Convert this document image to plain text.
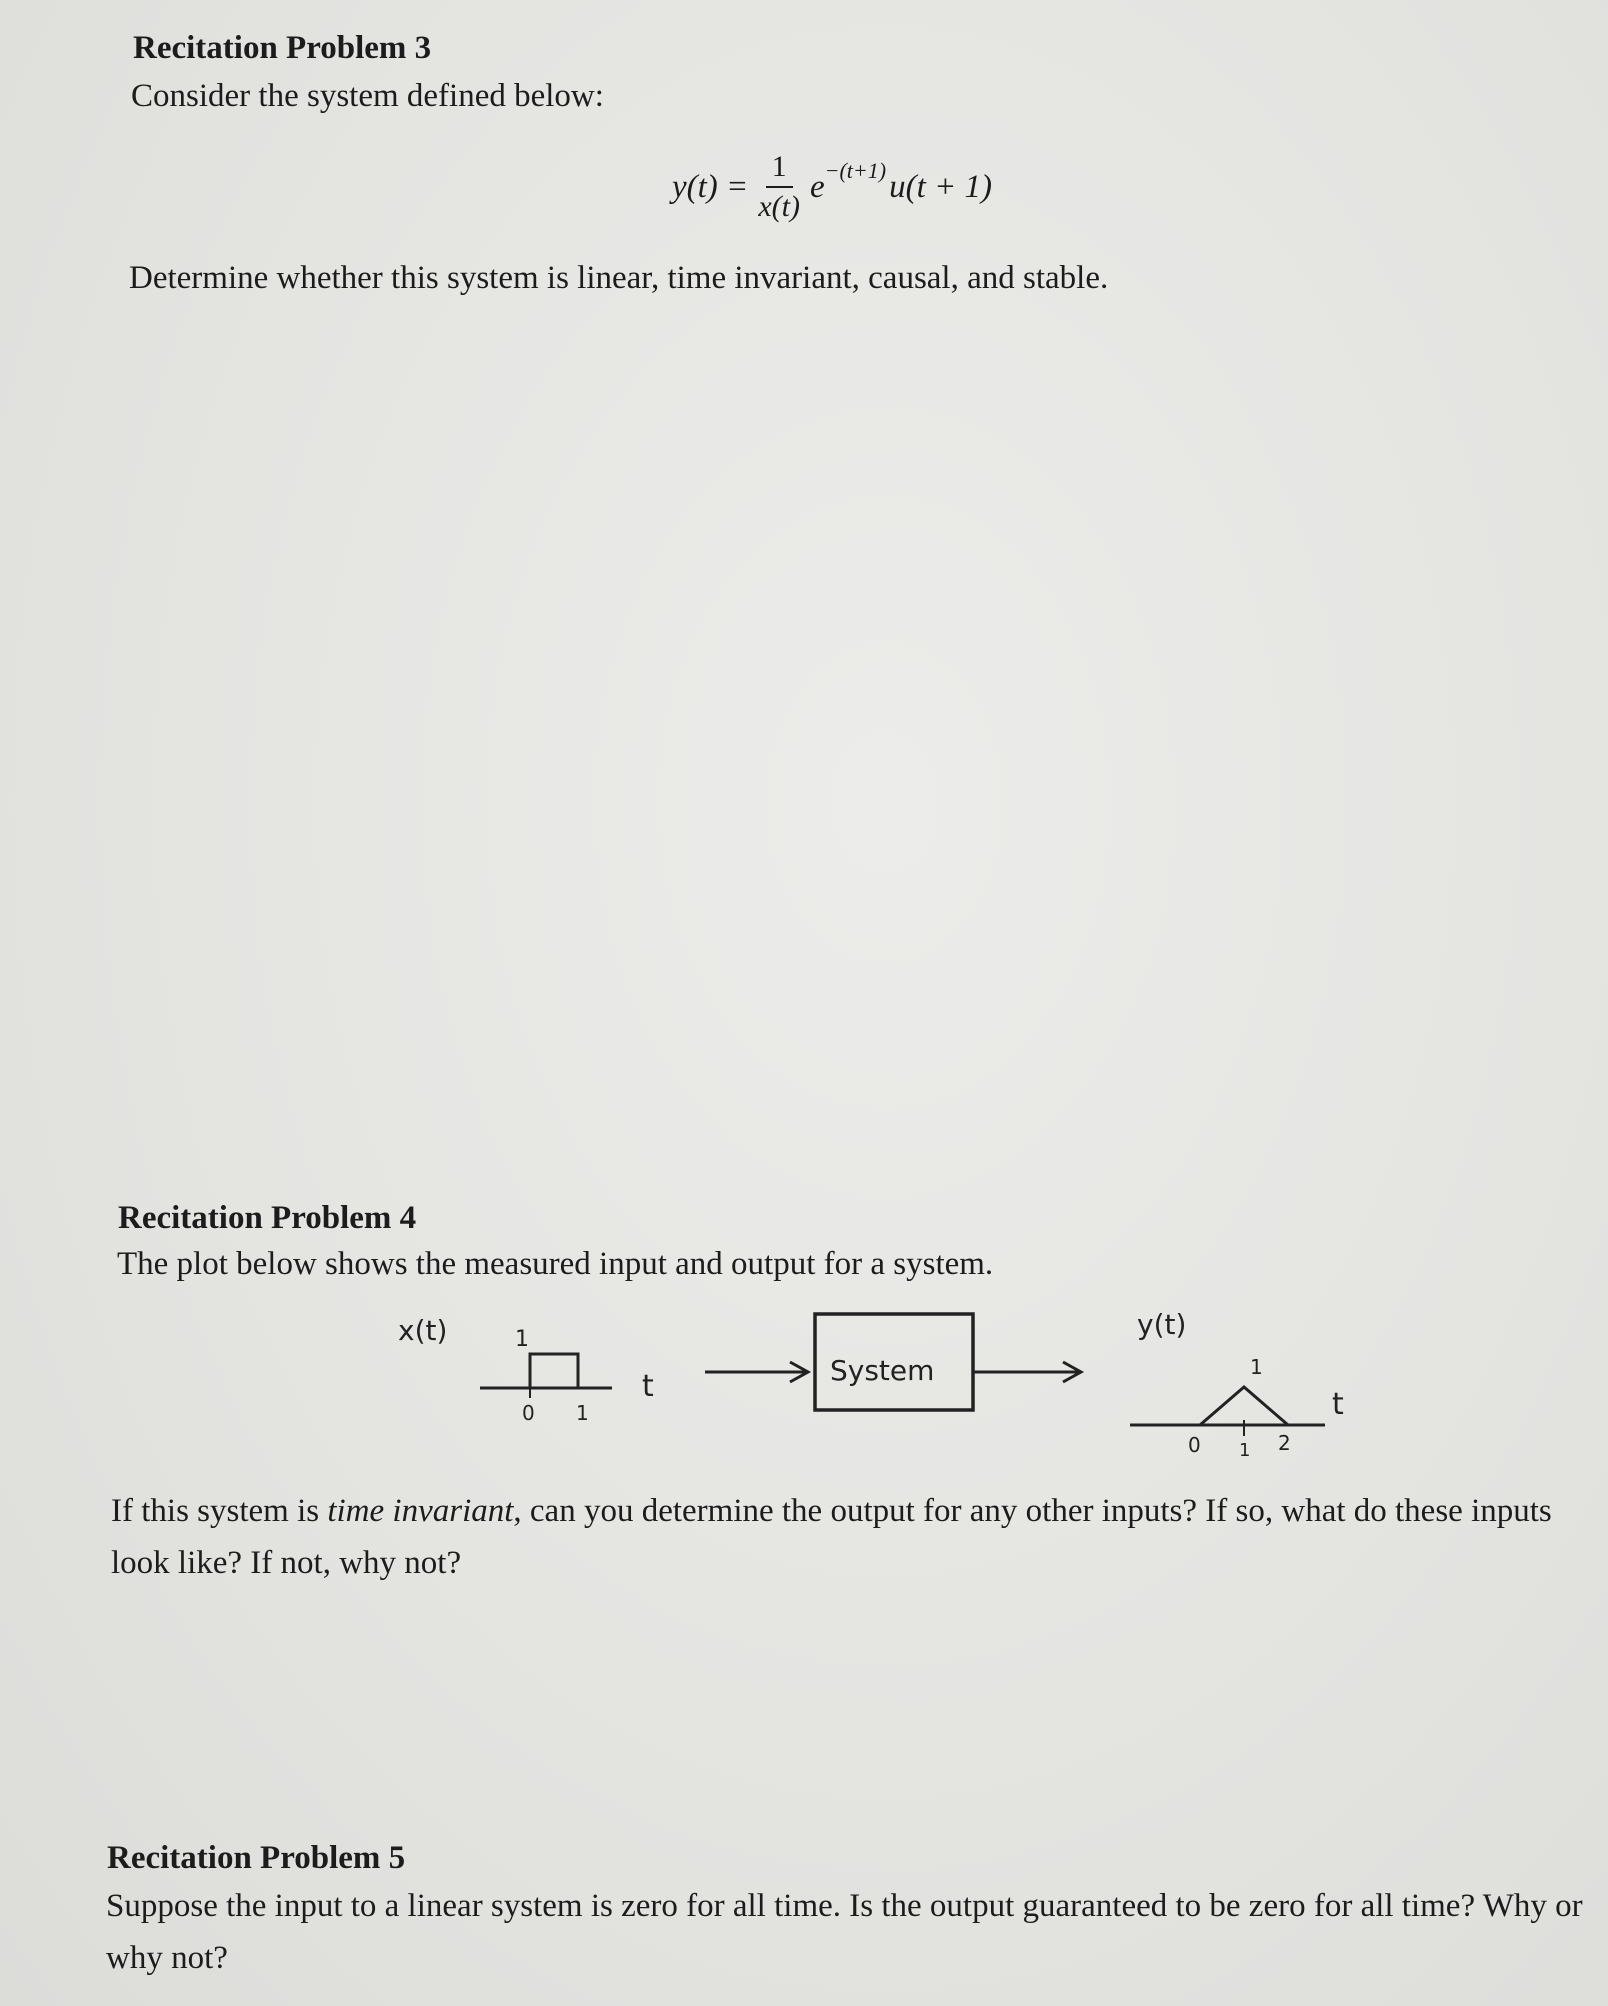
Recitation Problem 3

Consider the system defined below:

$y(t) = \frac{1}{x(t)}$ e −(t+1) u(t + 1)

Determine whether this system is linear, time invariant, causal, and stable.

Recitation Problem 4

The plot below shows the measured input and output for a system.

x(t)	1
0 1
t	System
y(t)
1
0 1 2
t

If this system is time invariant, can you determine the output for any other inputs? If so, what do these inputs look like? If not, why not?

Recitation Problem 5

Suppose the input to a linear system is zero for all time. Is the output guaranteed to be zero for all time? Why or why not?
